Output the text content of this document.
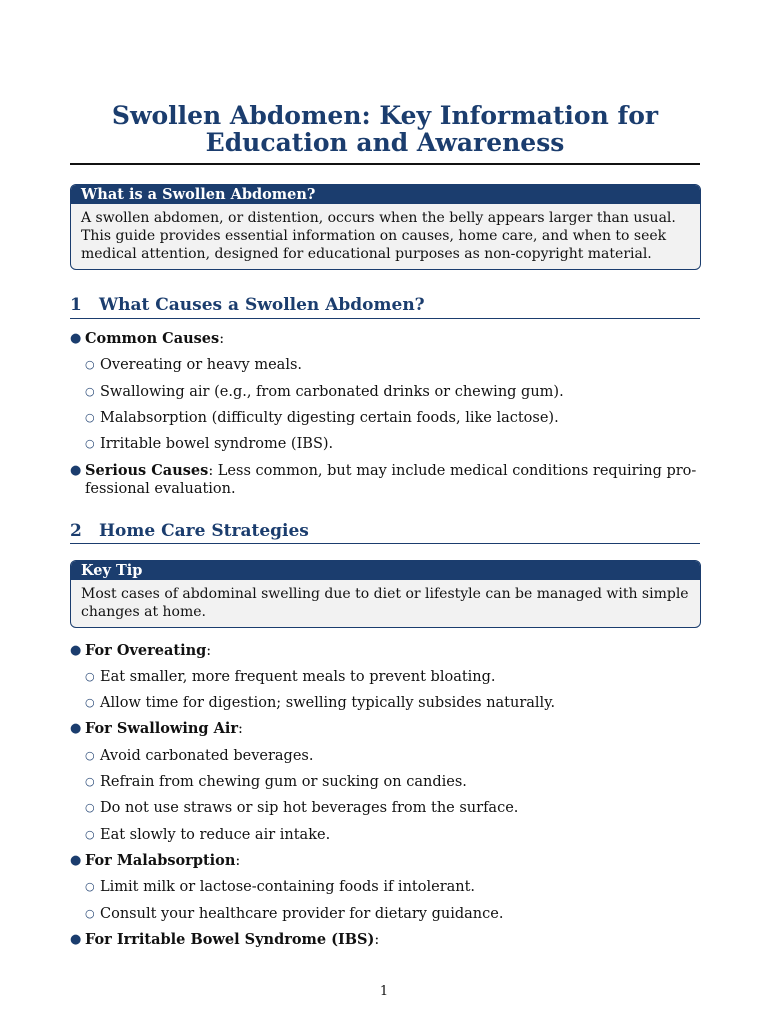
Swollen Abdomen: Key Information for
Education and Awareness
What is a Swollen Abdomen?
A swollen abdomen, or distention, occurs when the belly appears larger than usual. This guide provides essential information on causes, home care, and when to seek medical attention, designed for educational purposes as non-copyright material.
1 What Causes a Swollen Abdomen?
● Common Causes:
○ Overeating or heavy meals.
○ Swallowing air (e.g., from carbonated drinks or chewing gum).
○ Malabsorption (difficulty digesting certain foods, like lactose).
○ Irritable bowel syndrome (IBS).
● Serious Causes: Less common, but may include medical conditions requiring pro-
fessional evaluation.
2 Home Care Strategies
Key Tip
Most cases of abdominal swelling due to diet or lifestyle can be managed with simple changes at home.
● For Overeating:
○ Eat smaller, more frequent meals to prevent bloating.
○ Allow time for digestion; swelling typically subsides naturally.
● For Swallowing Air:
○ Avoid carbonated beverages.
○ Refrain from chewing gum or sucking on candies.
○ Do not use straws or sip hot beverages from the surface.
○ Eat slowly to reduce air intake.
● For Malabsorption:
○ Limit milk or lactose-containing foods if intolerant.
○ Consult your healthcare provider for dietary guidance.
● For Irritable Bowel Syndrome (IBS):
1
